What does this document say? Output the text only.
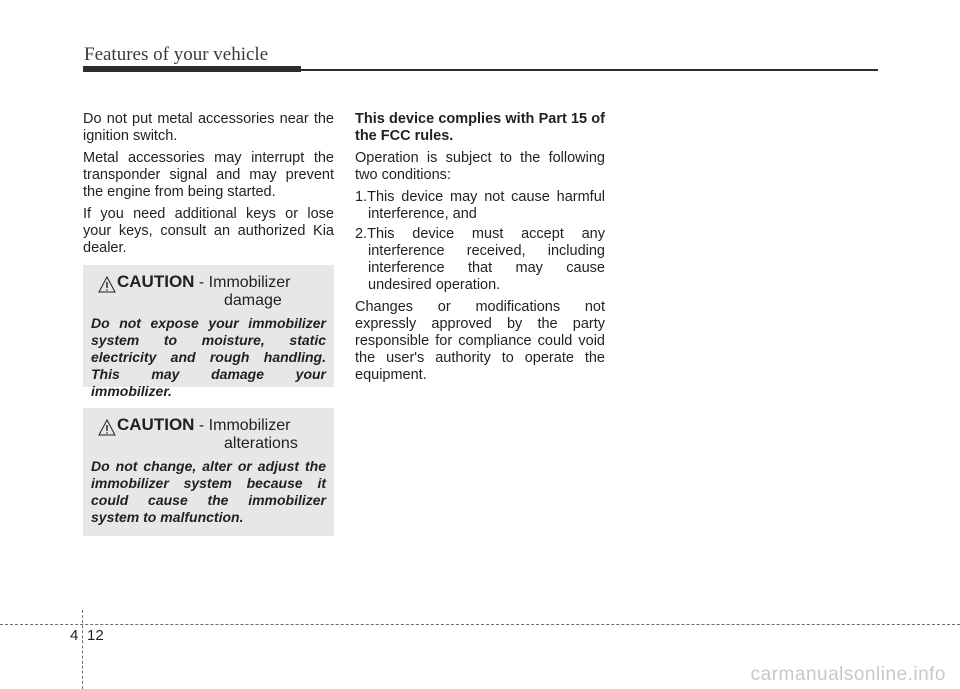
Features of your vehicle

Do not put metal accessories near the ignition switch.

Metal accessories may interrupt the transponder signal and may prevent the engine from being started.

If you need additional keys or lose your keys, consult an authorized Kia dealer.

CAUTION - Immobilizer
damage
Do not expose your immobilizer system to moisture, static electricity and rough handling. This may damage your immobilizer.
CAUTION - Immobilizer
alterations
Do not change, alter or adjust the immobilizer system because it could cause the immobilizer system to malfunction.

This device complies with Part 15 of the FCC rules.

Operation is subject to the following two conditions:

1.This device may not cause harmful interference, and
2.This device must accept any interference received, including interference that may cause undesired operation.

Changes or modifications not expressly approved by the party responsible for compliance could void the user's authority to operate the equipment.

4 12
carmanualsonline.info
